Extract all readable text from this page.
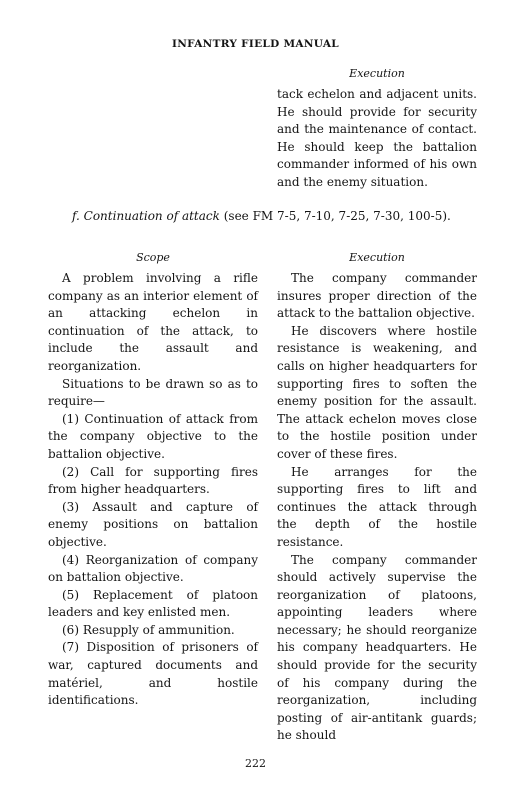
INFANTRY FIELD MANUAL
Execution

tack echelon and adjacent units. He should provide for security and the maintenance of contact. He should keep the battalion commander informed of his own and the enemy situation.

f. Continuation of attack (see FM 7-5, 7-10, 7-25, 7-30, 100-5).
Scope

A problem involving a rifle company as an interior element of an attacking echelon in continuation of the attack, to include the assault and reorganization.

Situations to be drawn so as to require—

(1) Continuation of attack from the company objective to the battalion objective.

(2) Call for supporting fires from higher headquarters.

(3) Assault and capture of enemy positions on battalion objective.

(4) Reorganization of company on battalion objective.

(5) Replacement of platoon leaders and key enlisted men.

(6) Resupply of ammunition.

(7) Disposition of prisoners of war, captured documents and matériel, and hostile identifications.

Execution

The company commander insures proper direction of the attack to the battalion objective.

He discovers where hostile resistance is weakening, and calls on higher headquarters for supporting fires to soften the enemy position for the assault. The attack echelon moves close to the hostile position under cover of these fires.

He arranges for the supporting fires to lift and continues the attack through the depth of the hostile resistance.

The company commander should actively supervise the reorganization of platoons, appointing leaders where necessary; he should reorganize his company headquarters. He should provide for the security of his company during the reorganization, including posting of air-antitank guards; he should

222
